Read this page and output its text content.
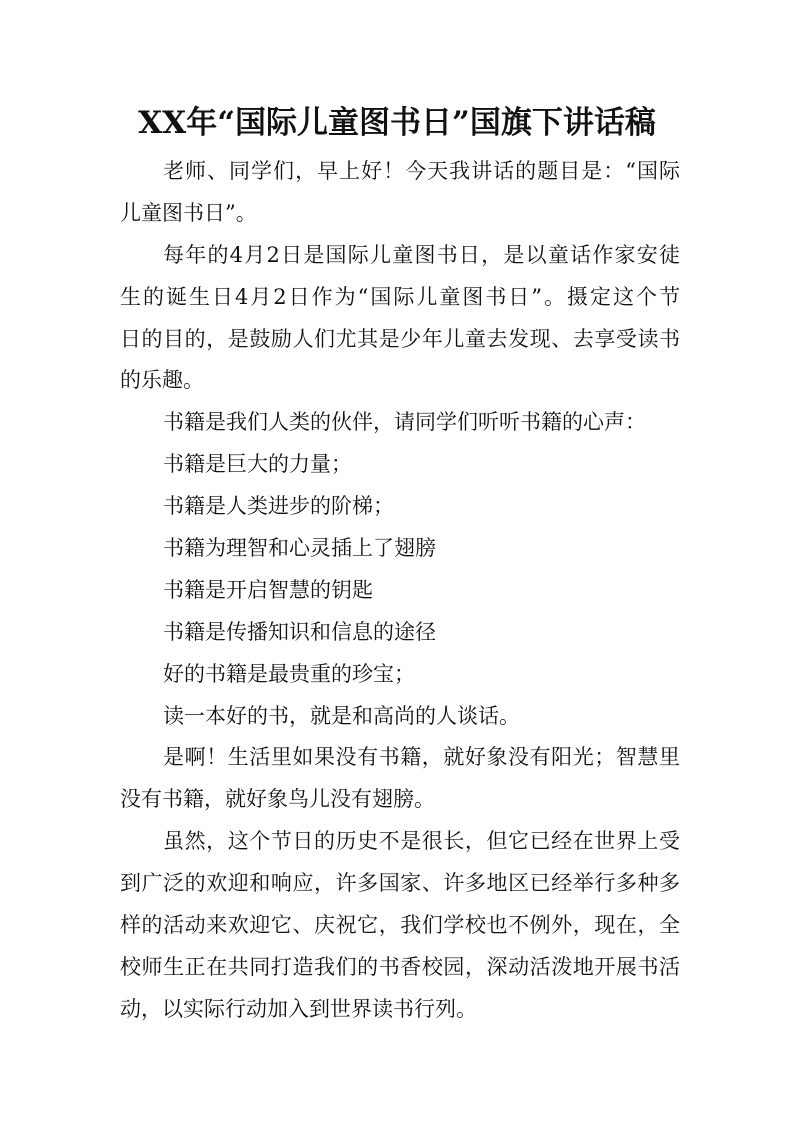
XX年“国际儿童图书日”国旗下讲话稿
老师、同学们，早上好！今天我讲话的题目是：“国际
儿童图书日”。
每年的4月2日是国际儿童图书日，是以童话作家安徒
生的诞生日4月2日作为“国际儿童图书日”。摄定这个节
日的目的，是鼓励人们尤其是少年儿童去发现、去享受读书
的乐趣。
书籍是我们人类的伙伴，请同学们听听书籍的心声：
书籍是巨大的力量；
书籍是人类进步的阶梯；
书籍为理智和心灵插上了翅膀
书籍是开启智慧的钥匙
书籍是传播知识和信息的途径
好的书籍是最贵重的珍宝；
读一本好的书，就是和高尚的人谈话。
是啊！生活里如果没有书籍，就好象没有阳光；智慧里
没有书籍，就好象鸟儿没有翅膀。
虽然，这个节日的历史不是很长，但它已经在世界上受
到广泛的欢迎和响应，许多国家、许多地区已经举行多种多
样的活动来欢迎它、庆祝它，我们学校也不例外，现在，全
校师生正在共同打造我们的书香校园，深动活泼地开展书活
动，以实际行动加入到世界读书行列。
